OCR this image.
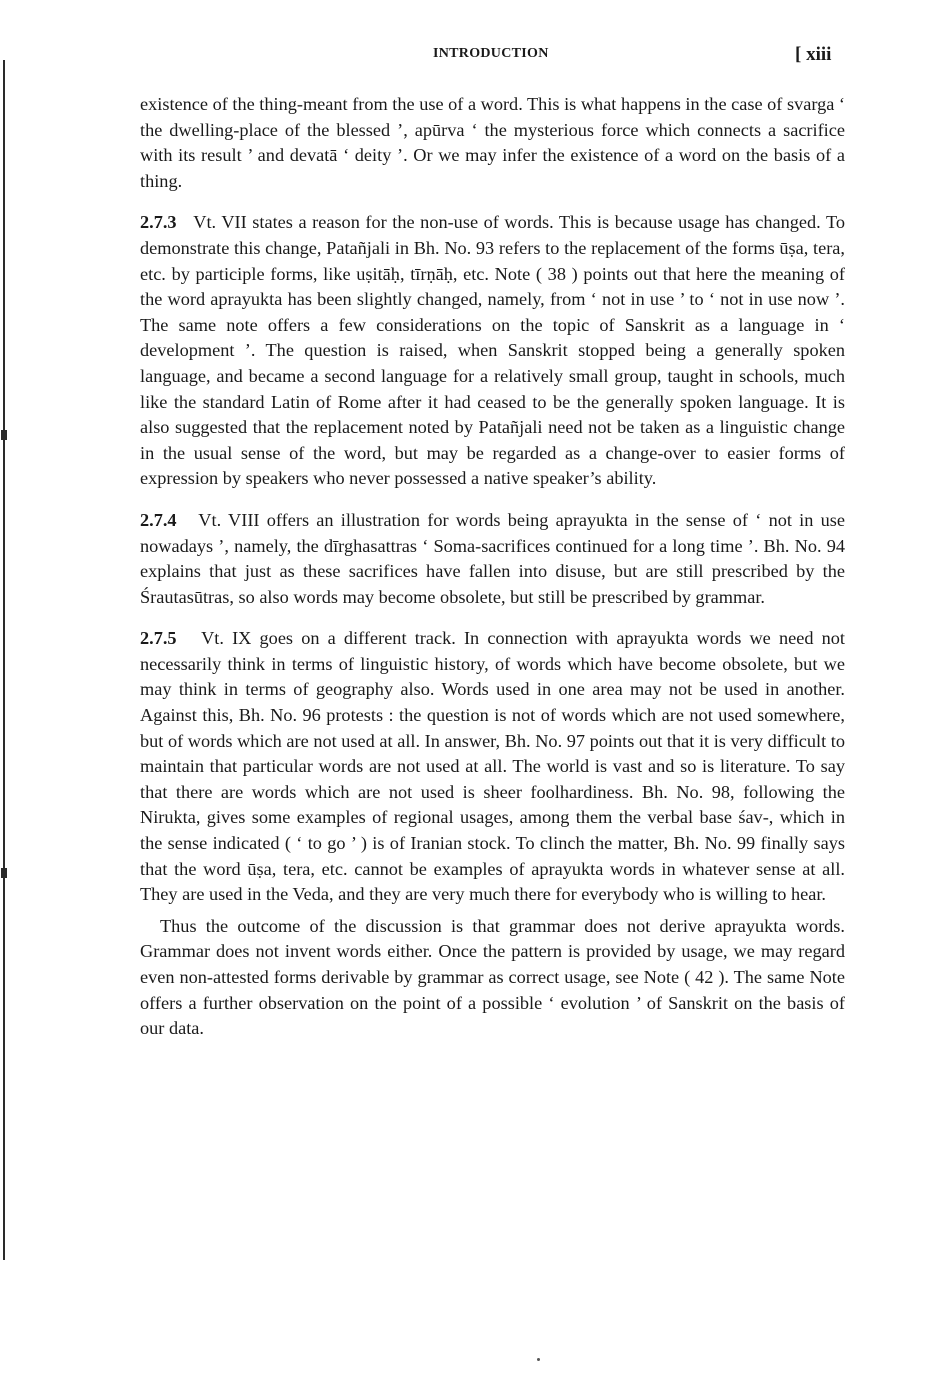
INTRODUCTION	[ xiii

existence of the thing-meant from the use of a word. This is what happens in the case of svarga ‘ the dwelling-place of the blessed ’, apūrva ‘ the mysterious force which connects a sacrifice with its result ’ and devatā ‘ deity ’. Or we may infer the existence of a word on the basis of a thing.

2.7.3 Vt. VII states a reason for the non-use of words. This is because usage has changed. To demonstrate this change, Patañjali in Bh. No. 93 refers to the replacement of the forms ūṣa, tera, etc. by participle forms, like uṣitāḥ, tīrṇāḥ, etc. Note ( 38 ) points out that here the meaning of the word aprayukta has been slightly changed, namely, from ‘ not in use ’ to ‘ not in use now ’. The same note offers a few considerations on the topic of Sanskrit as a language in ‘ development ’. The question is raised, when Sanskrit stopped being a generally spoken language, and became a second language for a relatively small group, taught in schools, much like the standard Latin of Rome after it had ceased to be the generally spoken language. It is also suggested that the replacement noted by Patañjali need not be taken as a linguistic change in the usual sense of the word, but may be regarded as a change-over to easier forms of expression by speakers who never possessed a native speaker’s ability.

2.7.4 Vt. VIII offers an illustration for words being aprayukta in the sense of ‘ not in use nowadays ’, namely, the dīrghasattras ‘ Soma-sacrifices continued for a long time ’. Bh. No. 94 explains that just as these sacrifices have fallen into disuse, but are still prescribed by the Śrautasūtras, so also words may become obsolete, but still be prescribed by grammar.

2.7.5 Vt. IX goes on a different track. In connection with aprayukta words we need not necessarily think in terms of linguistic history, of words which have become obsolete, but we may think in terms of geography also. Words used in one area may not be used in another. Against this, Bh. No. 96 protests : the question is not of words which are not used somewhere, but of words which are not used at all. In answer, Bh. No. 97 points out that it is very difficult to maintain that particular words are not used at all. The world is vast and so is literature. To say that there are words which are not used is sheer foolhardiness. Bh. No. 98, following the Nirukta, gives some examples of regional usages, among them the verbal base śav-, which in the sense indicated ( ‘ to go ’ ) is of Iranian stock. To clinch the matter, Bh. No. 99 finally says that the word ūṣa, tera, etc. cannot be examples of aprayukta words in whatever sense at all. They are used in the Veda, and they are very much there for everybody who is willing to hear.

Thus the outcome of the discussion is that grammar does not derive aprayukta words. Grammar does not invent words either. Once the pattern is provided by usage, we may regard even non-attested forms derivable by grammar as correct usage, see Note ( 42 ). The same Note offers a further observation on the point of a possible ‘ evolution ’ of Sanskrit on the basis of our data.
